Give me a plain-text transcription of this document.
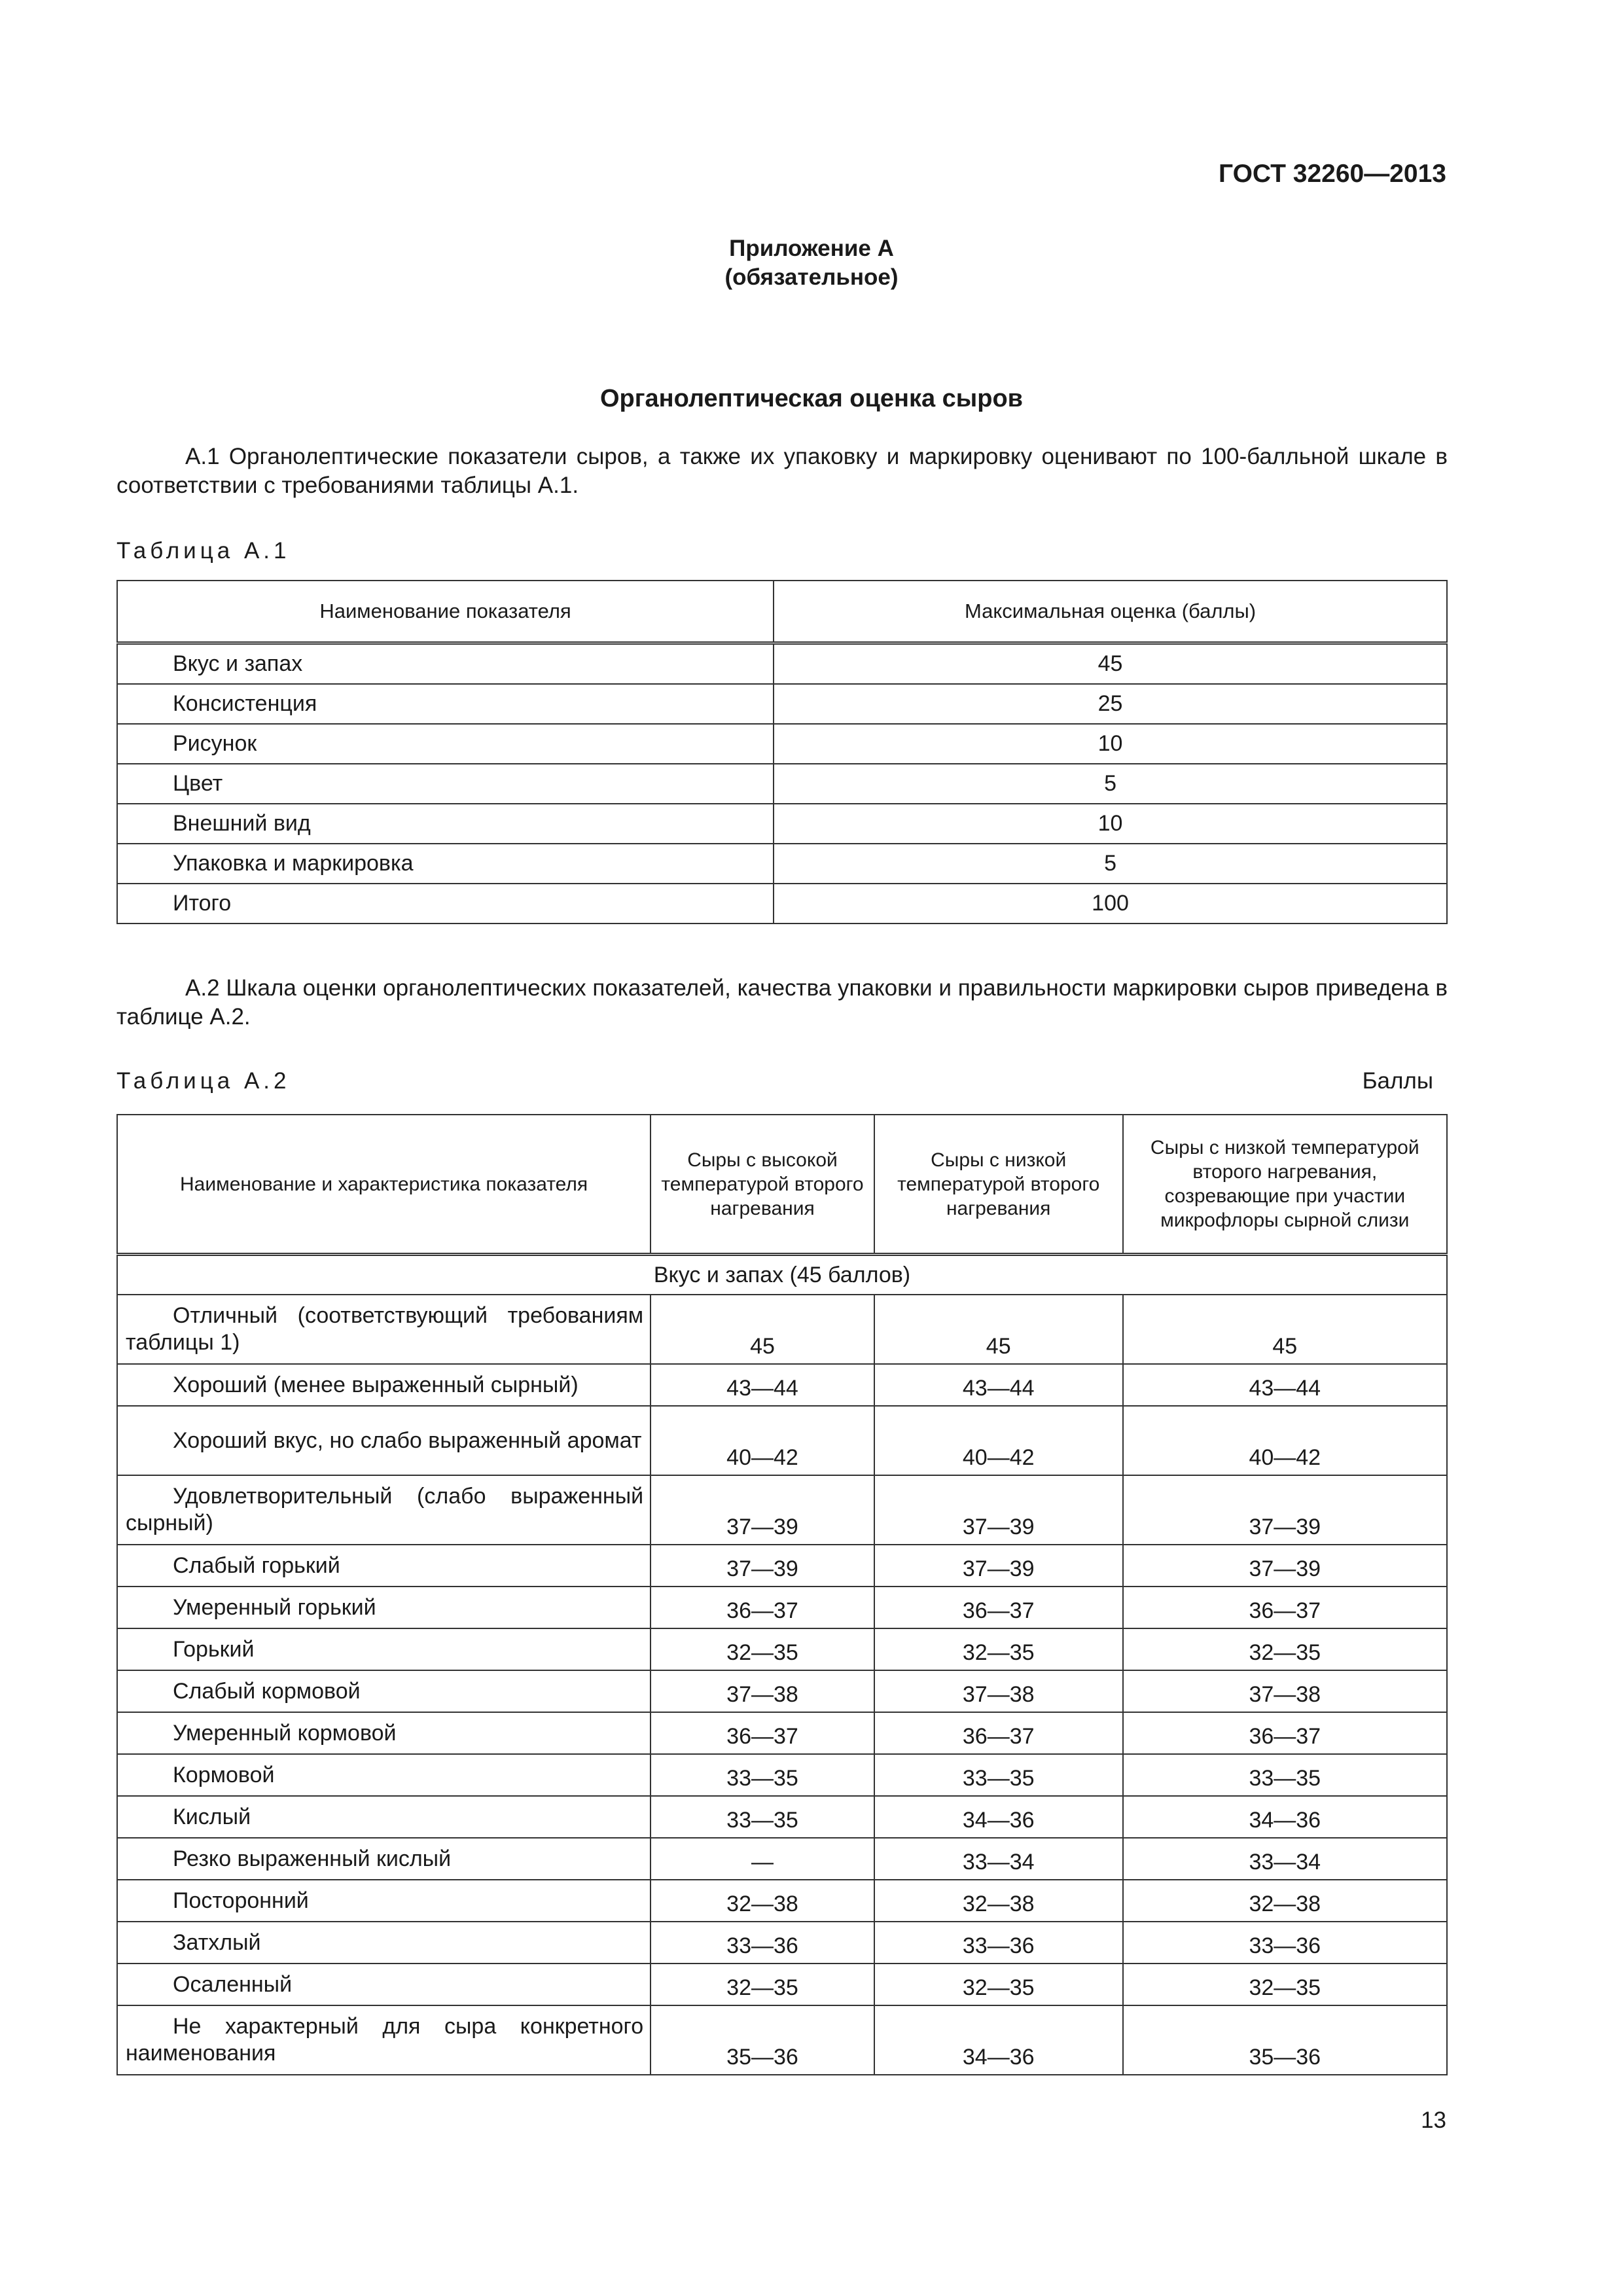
ГОСТ 32260—2013
Приложение А
(обязательное)
Органолептическая оценка сыров
А.1 Органолептические показатели сыров, а также их упаковку и маркировку оценивают по 100-балльной шкале в соответствии с требованиями таблицы А.1.
Таблица А.1
Наименование показателя	Максимальная оценка (баллы)
Вкус и запах	45
Консистенция	25
Рисунок	10
Цвет	5
Внешний вид	10
Упаковка и маркировка	5
Итого	100
А.2 Шкала оценки органолептических показателей, качества упаковки и правильности маркировки сыров приведена в таблице А.2.
Таблица А.2	Баллы
Наименование и характеристика показателя	Сыры с высокой температурой второго нагревания	Сыры с низкой температурой второго нагревания	Сыры с низкой температурой второго нагревания, созревающие при участии микрофлоры сырной слизи
Вкус и запах (45 баллов)			
Отличный (соответствующий требованиям таблицы 1)	45	45	45
Хороший (менее выраженный сырный)	43—44	43—44	43—44
Хороший вкус, но слабо выраженный аромат	40—42	40—42	40—42
Удовлетворительный (слабо выраженный сырный)	37—39	37—39	37—39
Слабый горький	37—39	37—39	37—39
Умеренный горький	36—37	36—37	36—37
Горький	32—35	32—35	32—35
Слабый кормовой	37—38	37—38	37—38
Умеренный кормовой	36—37	36—37	36—37
Кормовой	33—35	33—35	33—35
Кислый	33—35	34—36	34—36
Резко выраженный кислый	—	33—34	33—34
Посторонний	32—38	32—38	32—38
Затхлый	33—36	33—36	33—36
Осаленный	32—35	32—35	32—35
Не характерный для сыра конкретного наименования	35—36	34—36	35—36
13
